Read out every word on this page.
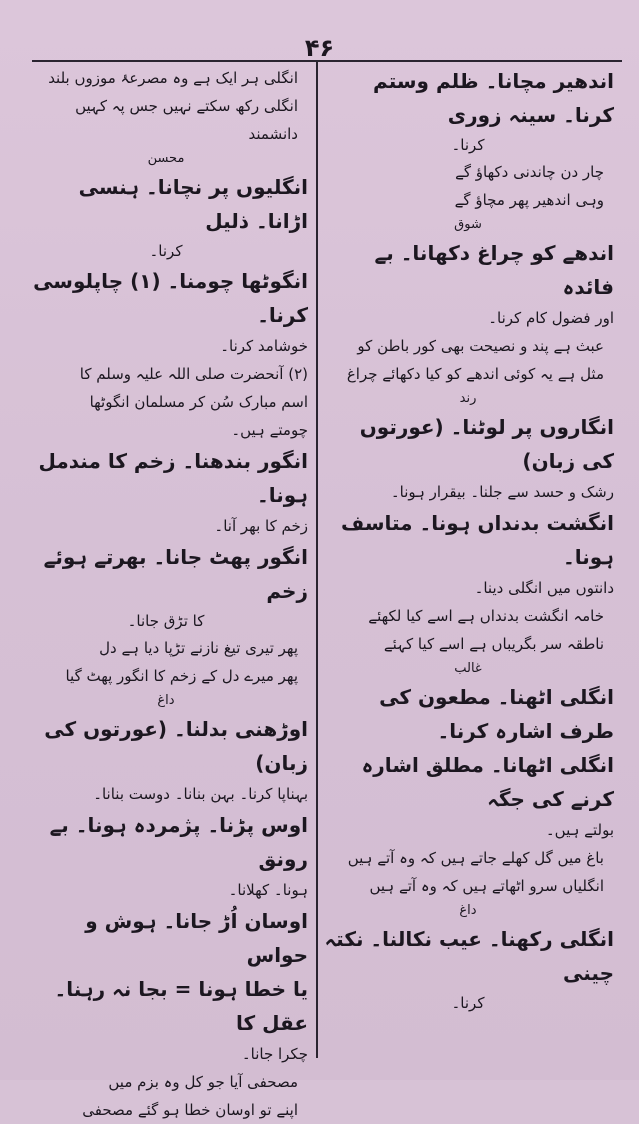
۴۶

اندھیر مچانا۔ ظلم وستم کرنا۔ سینہ زوری

کرنا۔

چار دن چاندنی دکھاؤ گے

وہی اندھیر پھر مچاؤ گے

شوق

اندھے کو چراغ دکھانا۔ بے فائدہ

اور فضول کام کرنا۔

عبث ہے پند و نصیحت بھی کور باطن کو

مثل ہے یہ کوئی اندھے کو کیا دکھائے چراغ

رند

انگاروں پر لوٹنا۔ (عورتوں کی زبان)

رشک و حسد سے جلنا۔ بیقرار ہونا۔

انگشت بدنداں ہونا۔ متاسف ہونا۔

دانتوں میں انگلی دینا۔

خامہ انگشت بدنداں ہے اسے کیا لکھئے

ناطقہ سر بگریباں ہے اسے کیا کہئے

غالب

انگلی اٹھنا۔ مطعون کی طرف اشارہ کرنا۔

انگلی اٹھانا۔ مطلق اشارہ کرنے کی جگہ

بولتے ہیں۔

باغ میں گل کھلے جاتے ہیں کہ وہ آتے ہیں

انگلیاں سرو اٹھاتے ہیں کہ وہ آتے ہیں

داغ

انگلی رکھنا۔ عیب نکالنا۔ نکتہ چینی

کرنا۔

انگلی ہر ایک ہے وہ مصرعۂ موزوں بلند

انگلی رکھ سکتے نہیں جس پہ کہیں دانشمند

محسن

انگلیوں پر نچانا۔ ہنسی اڑانا۔ ذلیل

کرنا۔

انگوٹھا چومنا۔ (۱) چاپلوسی کرنا۔

خوشامد کرنا۔

(۲) آنحضرت صلی اللہ علیہ وسلم کا

اسم مبارک سُن کر مسلمان انگوٹھا

چومتے ہیں۔

انگور بندھنا۔ زخم کا مندمل ہونا۔

زخم کا بھر آنا۔

انگور پھٹ جانا۔ بھرتے ہوئے زخم

کا تڑق جانا۔

پھر تیری تیغ نازنے تڑپا دیا ہے دل

پھر میرے دل کے زخم کا انگور پھٹ گیا

داغ

اوڑھنی بدلنا۔ (عورتوں کی زبان)

بہناپا کرنا۔ بہن بنانا۔ دوست بنانا۔

اوس پڑنا۔ پژمردہ ہونا۔ بے رونق

ہونا۔ کھلانا۔

اوسان اُڑ جانا۔ ہوش و حواس

یا خطا ہونا = بجا نہ رہنا۔ عقل کا

چکرا جانا۔

مصحفی آیا جو کل وہ بزم میں

اپنے تو اوسان خطا ہو گئے مصحفی
